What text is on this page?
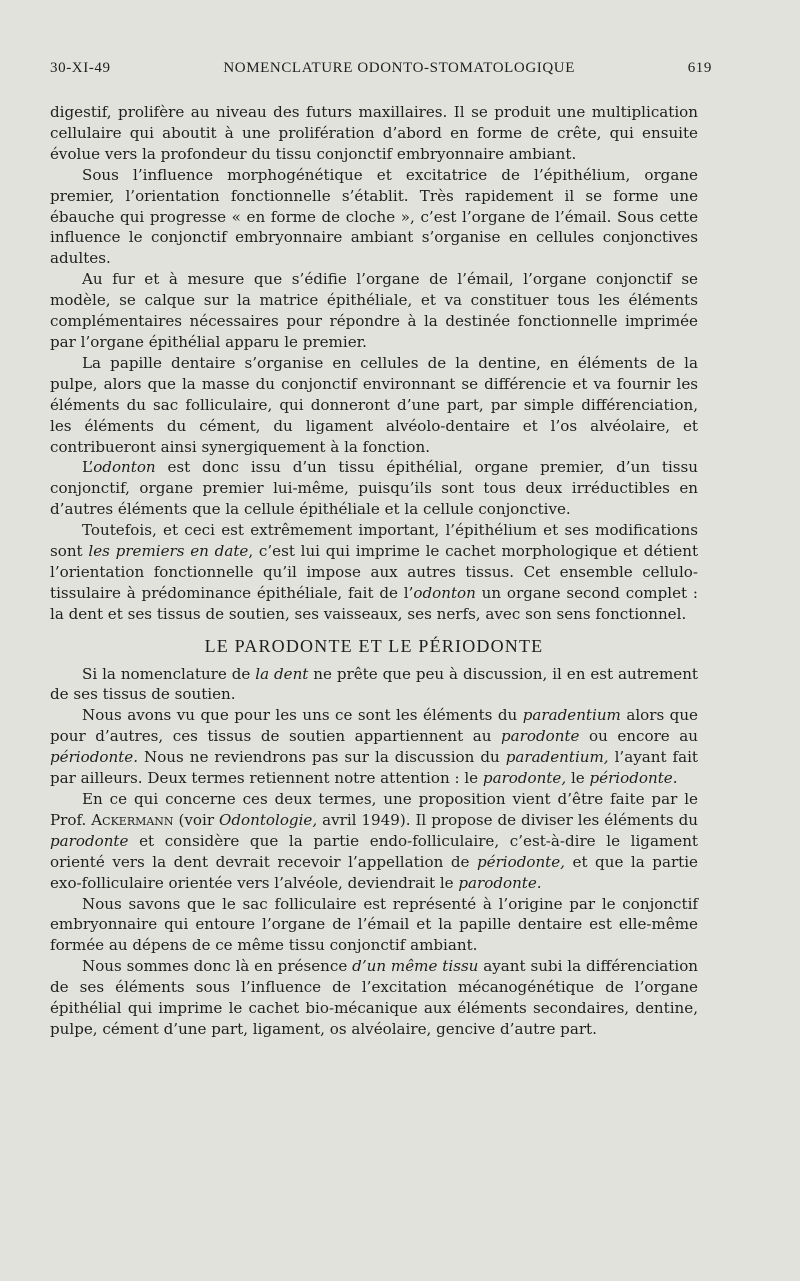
30-XI-49	NOMENCLATURE ODONTO-STOMATOLOGIQUE	619

digestif, prolifère au niveau des futurs maxillaires. Il se produit une multiplication cellulaire qui aboutit à une prolifération d’abord en forme de crête, qui ensuite évolue vers la profondeur du tissu conjonctif embryonnaire ambiant.

Sous l’influence morphogénétique et excitatrice de l’épithélium, organe premier, l’orientation fonctionnelle s’établit. Très rapidement il se forme une ébauche qui progresse « en forme de cloche », c’est l’organe de l’émail. Sous cette influence le conjonctif embryonnaire ambiant s’organise en cellules conjonctives adultes.

Au fur et à mesure que s’édifie l’organe de l’émail, l’organe conjonctif se modèle, se calque sur la matrice épithéliale, et va constituer tous les éléments complémentaires nécessaires pour répondre à la destinée fonctionnelle imprimée par l’organe épithélial apparu le premier.

La papille dentaire s’organise en cellules de la dentine, en éléments de la pulpe, alors que la masse du conjonctif environnant se différencie et va fournir les éléments du sac folliculaire, qui donneront d’une part, par simple différenciation, les éléments du cément, du ligament alvéolo-dentaire et l’os alvéolaire, et contribueront ainsi synergiquement à la fonction.

L’odonton est donc issu d’un tissu épithélial, organe premier, d’un tissu conjonctif, organe premier lui-même, puisqu’ils sont tous deux irréductibles en d’autres éléments que la cellule épithéliale et la cellule conjonctive.

Toutefois, et ceci est extrêmement important, l’épithélium et ses modifications sont les premiers en date, c’est lui qui imprime le cachet morphologique et détient l’orientation fonctionnelle qu’il impose aux autres tissus. Cet ensemble cellulo-tissulaire à prédominance épithéliale, fait de l’odonton un organe second complet : la dent et ses tissus de soutien, ses vaisseaux, ses nerfs, avec son sens fonctionnel.

LE PARODONTE ET LE PÉRIODONTE

Si la nomenclature de la dent ne prête que peu à discussion, il en est autrement de ses tissus de soutien.

Nous avons vu que pour les uns ce sont les éléments du paradentium alors que pour d’autres, ces tissus de soutien appartiennent au parodonte ou encore au périodonte. Nous ne reviendrons pas sur la discussion du paradentium, l’ayant fait par ailleurs. Deux termes retiennent notre attention : le parodonte, le périodonte.

En ce qui concerne ces deux termes, une proposition vient d’être faite par le Prof. Ackermann (voir Odontologie, avril 1949). Il propose de diviser les éléments du parodonte et considère que la partie endo-folliculaire, c’est-à-dire le ligament orienté vers la dent devrait recevoir l’appellation de périodonte, et que la partie exo-folliculaire orientée vers l’alvéole, deviendrait le parodonte.

Nous savons que le sac folliculaire est représenté à l’origine par le conjonctif embryonnaire qui entoure l’organe de l’émail et la papille dentaire est elle-même formée au dépens de ce même tissu conjonctif ambiant.

Nous sommes donc là en présence d’un même tissu ayant subi la différenciation de ses éléments sous l’influence de l’excitation mécanogénétique de l’organe épithélial qui imprime le cachet bio-mécanique aux éléments secondaires, dentine, pulpe, cément d’une part, ligament, os alvéolaire, gencive d’autre part.
